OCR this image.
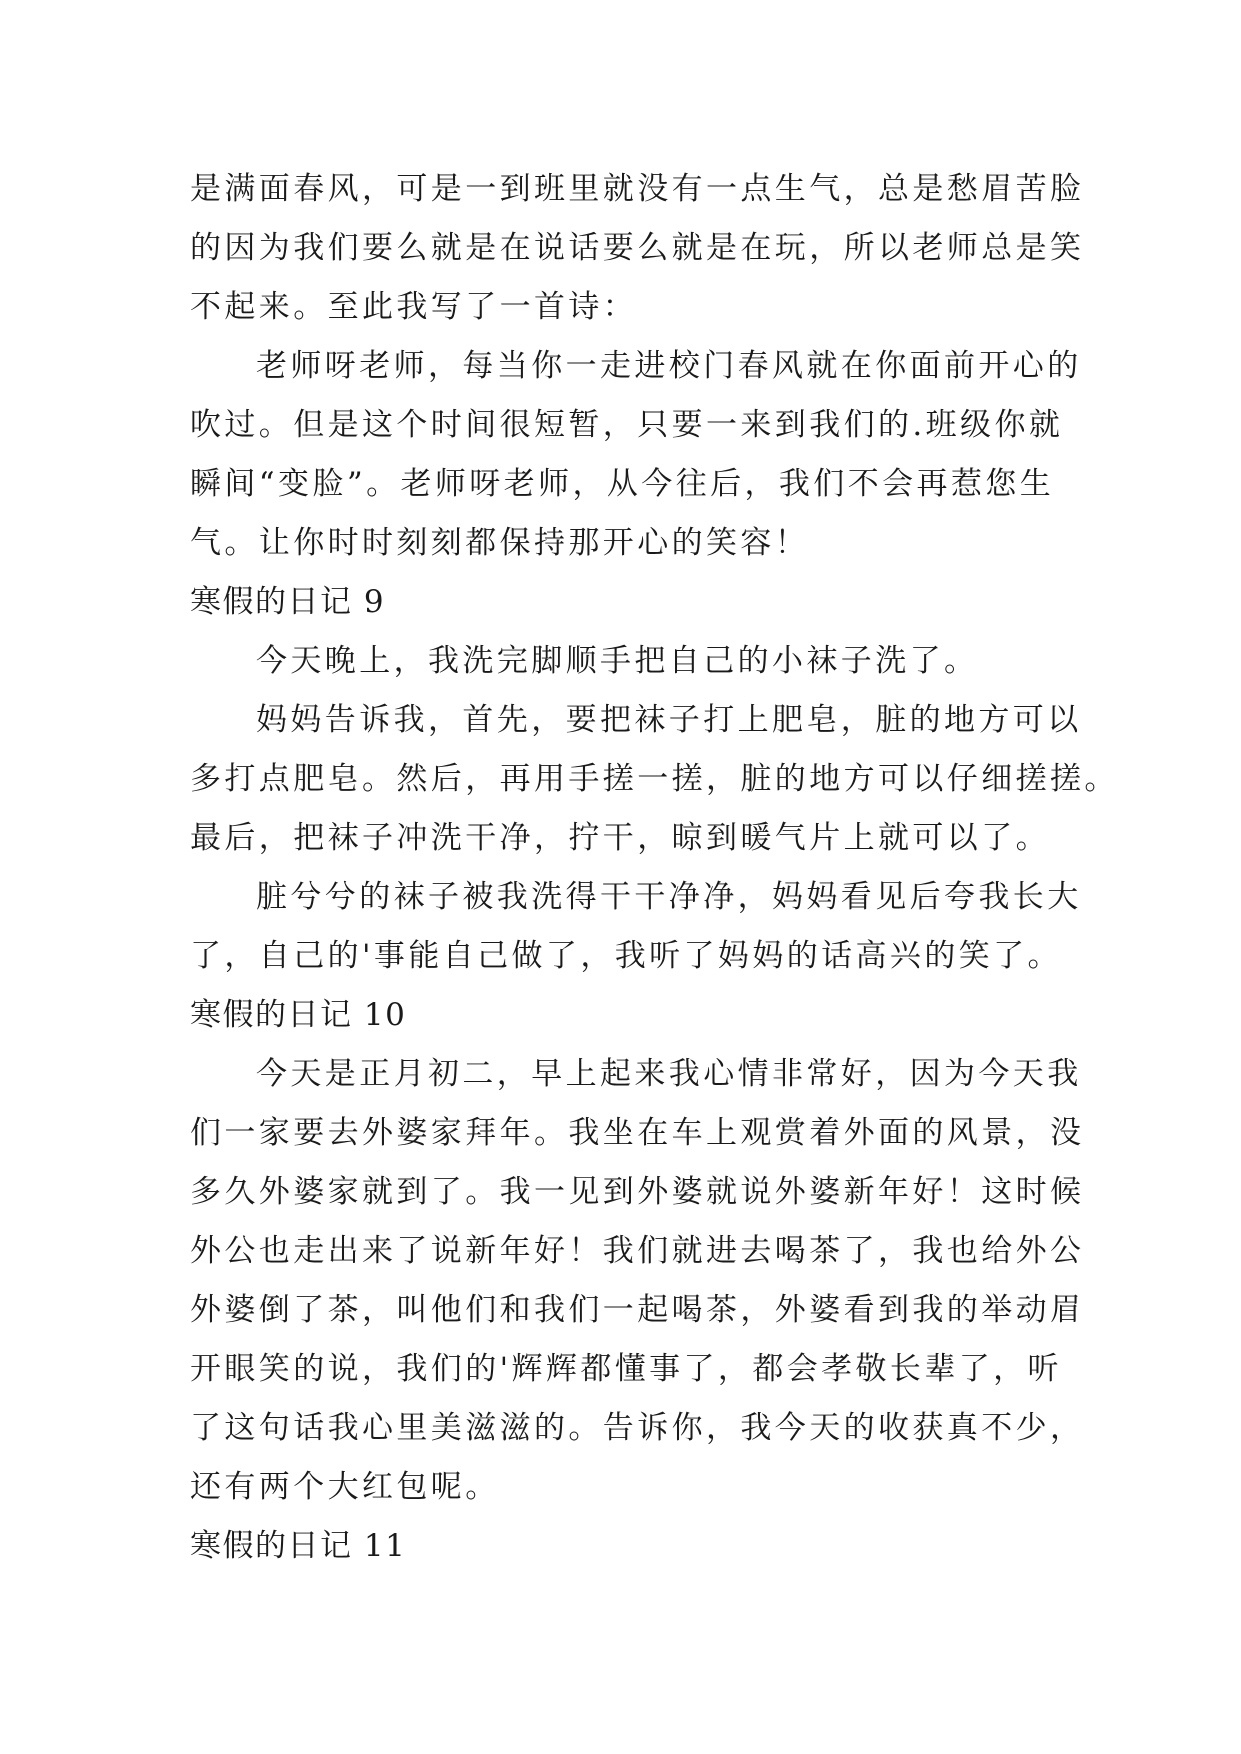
是满面春风，可是一到班里就没有一点生气，总是愁眉苦脸

的因为我们要么就是在说话要么就是在玩，所以老师总是笑

不起来。至此我写了一首诗：

老师呀老师，每当你一走进校门春风就在你面前开心的

吹过。但是这个时间很短暂，只要一来到我们的.班级你就

瞬间“变脸”。老师呀老师，从今往后，我们不会再惹您生

气。让你时时刻刻都保持那开心的笑容！

寒假的日记 9

今天晚上，我洗完脚顺手把自己的小袜子洗了。

妈妈告诉我，首先，要把袜子打上肥皂，脏的地方可以

多打点肥皂。然后，再用手搓一搓，脏的地方可以仔细搓搓。

最后，把袜子冲洗干净，拧干，晾到暖气片上就可以了。

脏兮兮的袜子被我洗得干干净净，妈妈看见后夸我长大

了，自己的'事能自己做了，我听了妈妈的话高兴的笑了。

寒假的日记 10

今天是正月初二，早上起来我心情非常好，因为今天我

们一家要去外婆家拜年。我坐在车上观赏着外面的风景，没

多久外婆家就到了。我一见到外婆就说外婆新年好！这时候

外公也走出来了说新年好！我们就进去喝茶了，我也给外公

外婆倒了茶，叫他们和我们一起喝茶，外婆看到我的举动眉

开眼笑的说，我们的'辉辉都懂事了，都会孝敬长辈了，听

了这句话我心里美滋滋的。告诉你，我今天的收获真不少，

还有两个大红包呢。

寒假的日记 11
